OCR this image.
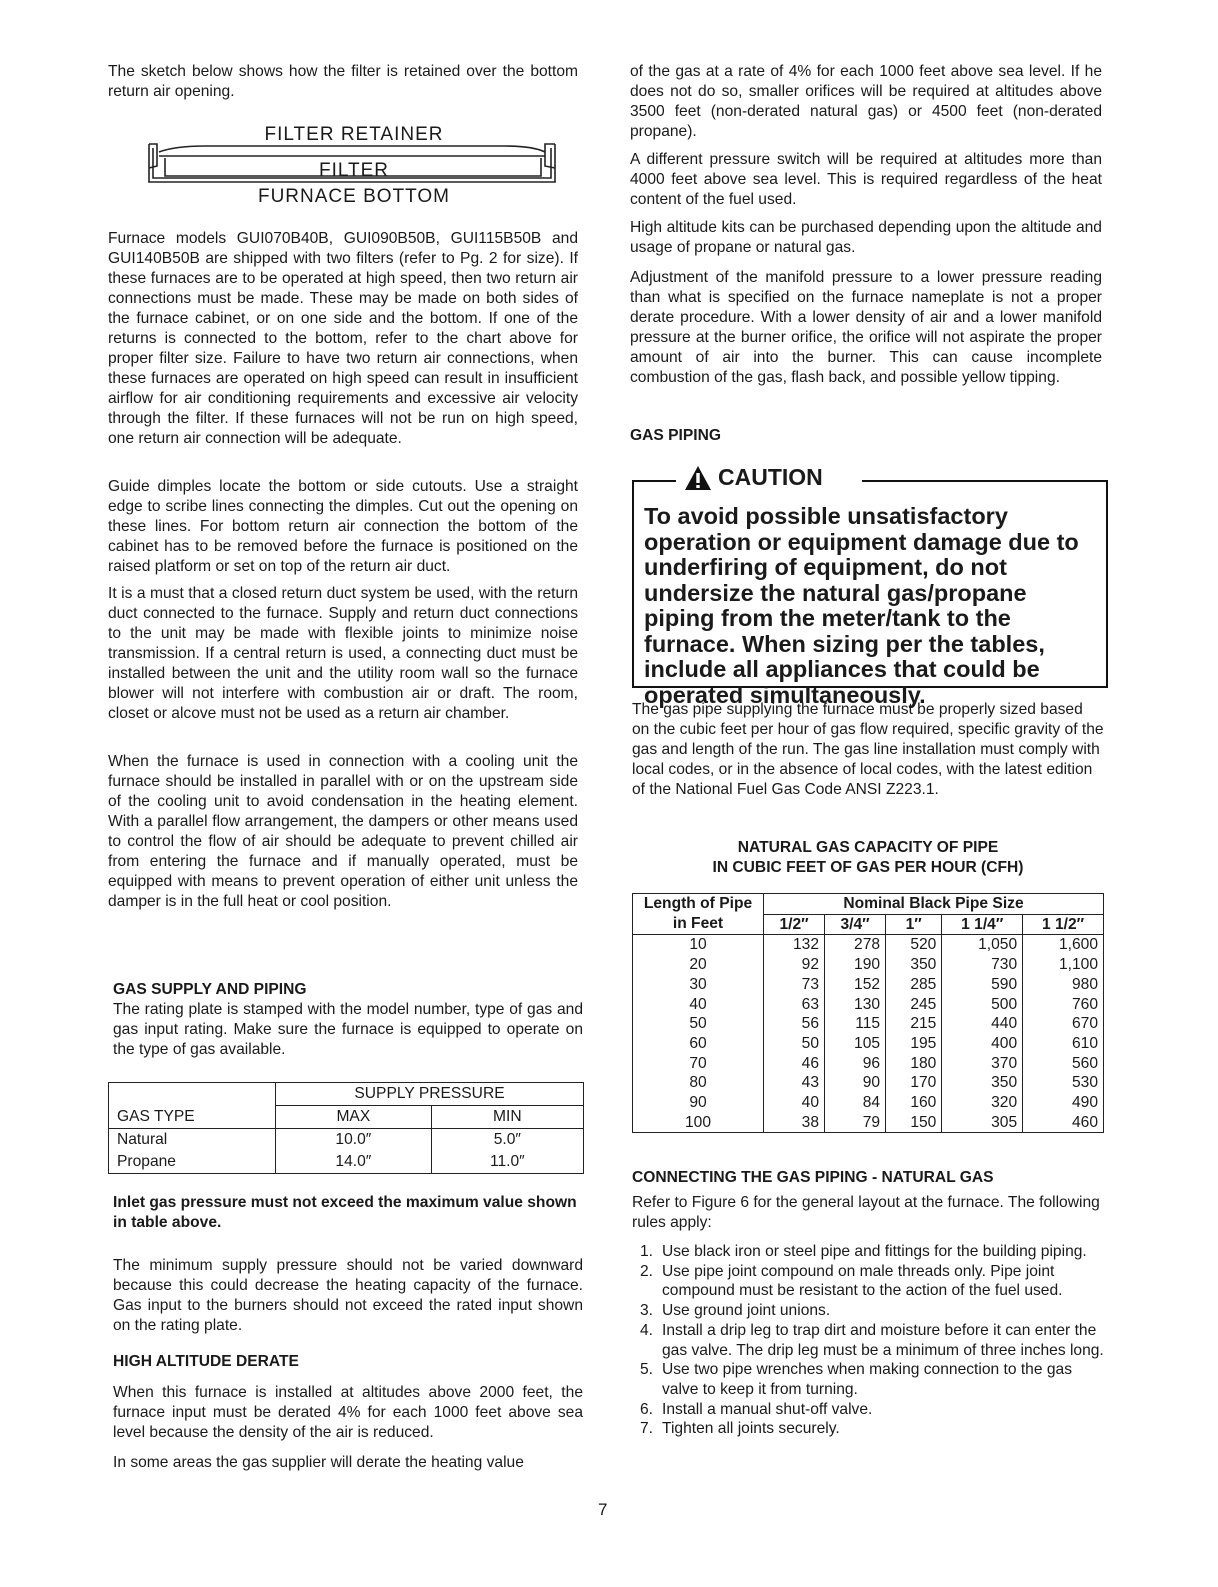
The sketch below shows how the filter is retained over the bottom return air opening.

FILTER RETAINER
FILTER
FURNACE BOTTOM

Furnace models GUI070B40B, GUI090B50B, GUI115B50B and GUI140B50B are shipped with two filters (refer to Pg. 2 for size). If these furnaces are to be operated at high speed, then two return air connections must be made. These may be made on both sides of the furnace cabinet, or on one side and the bottom. If one of the returns is connected to the bottom, refer to the chart above for proper filter size. Failure to have two return air connections, when these furnaces are operated on high speed can result in insufficient airflow for air conditioning requirements and excessive air velocity through the filter. If these furnaces will not be run on high speed, one return air connection will be adequate.

Guide dimples locate the bottom or side cutouts. Use a straight edge to scribe lines connecting the dimples. Cut out the opening on these lines. For bottom return air connection the bottom of the cabinet has to be removed before the furnace is positioned on the raised platform or set on top of the return air duct.

It is a must that a closed return duct system be used, with the return duct connected to the furnace. Supply and return duct connections to the unit may be made with flexible joints to minimize noise transmission. If a central return is used, a connecting duct must be installed between the unit and the utility room wall so the furnace blower will not interfere with combustion air or draft. The room, closet or alcove must not be used as a return air chamber.

When the furnace is used in connection with a cooling unit the furnace should be installed in parallel with or on the upstream side of the cooling unit to avoid condensation in the heating element. With a parallel flow arrangement, the dampers or other means used to control the flow of air should be adequate to prevent chilled air from entering the furnace and if manually operated, must be equipped with means to prevent operation of either unit unless the damper is in the full heat or cool position.

GAS SUPPLY AND PIPING

The rating plate is stamped with the model number, type of gas and gas input rating. Make sure the furnace is equipped to operate on the type of gas available.

	SUPPLY PRESSURE	
GAS TYPE	MAX	MIN
Natural	10.0″	5.0″
Propane	14.0″	11.0″

Inlet gas pressure must not exceed the maximum value shown in table above.

The minimum supply pressure should not be varied downward because this could decrease the heating capacity of the furnace. Gas input to the burners should not exceed the rated input shown on the rating plate.

HIGH ALTITUDE DERATE

When this furnace is installed at altitudes above 2000 feet, the furnace input must be derated 4% for each 1000 feet above sea level because the density of the air is reduced.

In some areas the gas supplier will derate the heating value

of the gas at a rate of 4% for each 1000 feet above sea level. If he does not do so, smaller orifices will be required at altitudes above 3500 feet (non-derated natural gas) or 4500 feet (non-derated propane).

A different pressure switch will be required at altitudes more than 4000 feet above sea level. This is required regardless of the heat content of the fuel used.

High altitude kits can be purchased depending upon the altitude and usage of propane or natural gas.

Adjustment of the manifold pressure to a lower pressure reading than what is specified on the furnace nameplate is not a proper derate procedure. With a lower density of air and a lower manifold pressure at the burner orifice, the orifice will not aspirate the proper amount of air into the burner. This can cause incomplete combustion of the gas, flash back, and possible yellow tipping.

GAS PIPING
CAUTION
To avoid possible unsatisfactory operation or equipment damage due to underfiring of equipment, do not undersize the natural gas/propane piping from the meter/tank to the furnace. When sizing per the tables, include all appliances that could be operated simultaneously.

The gas pipe supplying the furnace must be properly sized based on the cubic feet per hour of gas flow required, specific gravity of the gas and length of the run. The gas line installation must comply with local codes, or in the absence of local codes, with the latest edition of the National Fuel Gas Code ANSI Z223.1.

NATURAL GAS CAPACITY OF PIPE
IN CUBIC FEET OF GAS PER HOUR (CFH)
Length of Pipe in Feet	Nominal Black Pipe Size				
	1/2″	3/4″	1″	1 1/4″	1 1/2″
10	132	278	520	1,050	1,600
20	92	190	350	730	1,100
30	73	152	285	590	980
40	63	130	245	500	760
50	56	115	215	440	670
60	50	105	195	400	610
70	46	96	180	370	560
80	43	90	170	350	530
90	40	84	160	320	490
100	38	79	150	305	460
CONNECTING THE GAS PIPING - NATURAL GAS

Refer to Figure 6 for the general layout at the furnace. The following rules apply:

1. Use black iron or steel pipe and fittings for the building piping.
2. Use pipe joint compound on male threads only. Pipe joint compound must be resistant to the action of the fuel used.
3. Use ground joint unions.
4. Install a drip leg to trap dirt and moisture before it can enter the gas valve. The drip leg must be a minimum of three inches long.
5. Use two pipe wrenches when making connection to the gas valve to keep it from turning.
6. Install a manual shut-off valve.
7. Tighten all joints securely.
7
